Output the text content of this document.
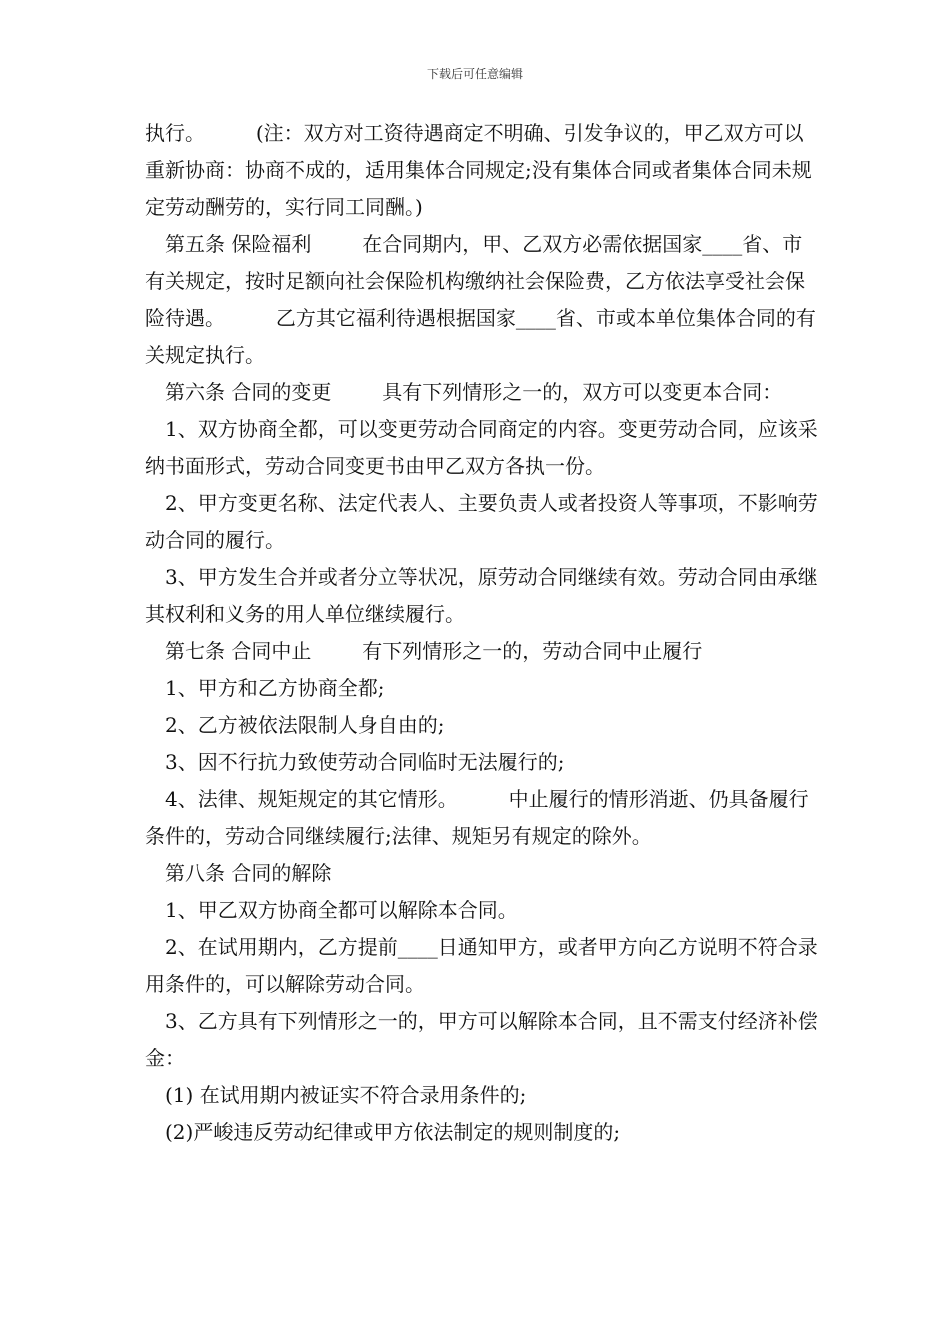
下载后可任意编辑

执行。        (注：双方对工资待遇商定不明确、引发争议的，甲乙双方可以重新协商：协商不成的，适用集体合同规定;没有集体合同或者集体合同未规定劳动酬劳的，实行同工同酬。)

第五条 保险福利        在合同期内，甲、乙双方必需依据国家____省、市有关规定，按时足额向社会保险机构缴纳社会保险费，乙方依法享受社会保险待遇。        乙方其它福利待遇根据国家____省、市或本单位集体合同的有关规定执行。

第六条 合同的变更        具有下列情形之一的，双方可以变更本合同：

1、双方协商全都，可以变更劳动合同商定的内容。变更劳动合同，应该采纳书面形式，劳动合同变更书由甲乙双方各执一份。

2、甲方变更名称、法定代表人、主要负责人或者投资人等事项，不影响劳动合同的履行。

3、甲方发生合并或者分立等状况，原劳动合同继续有效。劳动合同由承继其权利和义务的用人单位继续履行。

第七条 合同中止        有下列情形之一的，劳动合同中止履行

1、甲方和乙方协商全都;

2、乙方被依法限制人身自由的;

3、因不行抗力致使劳动合同临时无法履行的;

4、法律、规矩规定的其它情形。        中止履行的情形消逝、仍具备履行条件的，劳动合同继续履行;法律、规矩另有规定的除外。

第八条 合同的解除

1、甲乙双方协商全都可以解除本合同。

2、在试用期内，乙方提前____日通知甲方，或者甲方向乙方说明不符合录用条件的，可以解除劳动合同。

3、乙方具有下列情形之一的，甲方可以解除本合同，且不需支付经济补偿金：

(1) 在试用期内被证实不符合录用条件的;

(2)严峻违反劳动纪律或甲方依法制定的规则制度的;
